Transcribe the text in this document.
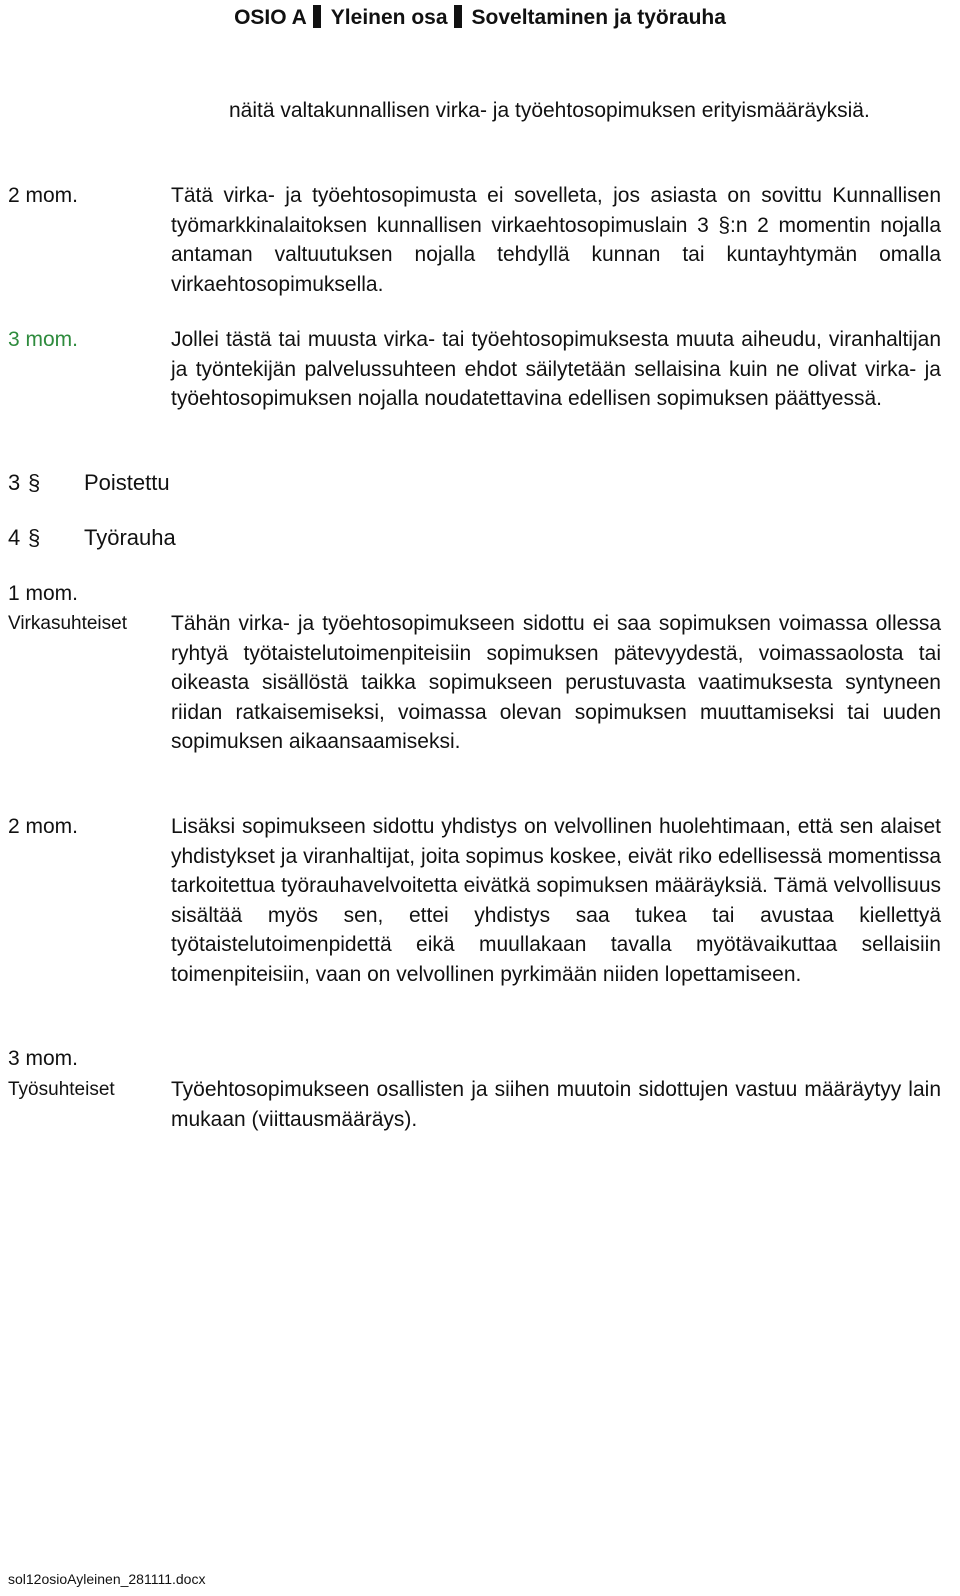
OSIO A Yleinen osa Soveltaminen ja työrauha
näitä valtakunnallisen virka- ja työehtosopimuksen erityismääräyksiä.
2 mom.	Tätä virka- ja työehtosopimusta ei sovelleta, jos asiasta on sovittu Kunnallisen työmarkkinalaitoksen kunnallisen virkaehtosopimuslain 3 §:n 2 momentin nojalla antaman valtuutuksen nojalla tehdyllä kunnan tai kuntayhtymän omalla virkaehtosopimuksella.
3 mom.	Jollei tästä tai muusta virka- tai työehtosopimuksesta muuta aiheudu, viranhaltijan ja työntekijän palvelussuhteen ehdot säilytetään sellaisina kuin ne olivat virka- ja työehtosopimuksen nojalla noudatettavina edellisen sopimuksen päättyessä.
3 § Poistettu
4 § Työrauha
1 mom.
Virkasuhteiset Tähän virka- ja työehtosopimukseen sidottu ei saa sopimuksen voimassa ollessa ryhtyä työtaistelutoimenpiteisiin sopimuksen pätevyydestä, voimassaolosta tai oikeasta sisällöstä taikka sopimukseen perustuvasta vaatimuksesta syntyneen riidan ratkaisemiseksi, voimassa olevan sopimuksen muuttamiseksi tai uuden sopimuksen aikaansaamiseksi.
2 mom.	Lisäksi sopimukseen sidottu yhdistys on velvollinen huolehtimaan, että sen alaiset yhdistykset ja viranhaltijat, joita sopimus koskee, eivät riko edellisessä momentissa tarkoitettua työrauhavelvoitetta eivätkä sopimuksen määräyksiä. Tämä velvollisuus sisältää myös sen, ettei yhdistys saa tukea tai avustaa kiellettyä työtaistelutoimenpidettä eikä muullakaan tavalla myötävaikuttaa sellaisiin toimenpiteisiin, vaan on velvollinen pyrkimään niiden lopettamiseen.
3 mom.
Työsuhteiset	Työehtosopimukseen osallisten ja siihen muutoin sidottujen vastuu määräytyy lain mukaan (viittausmääräys).
sol12osioAyleinen_281111.docx
